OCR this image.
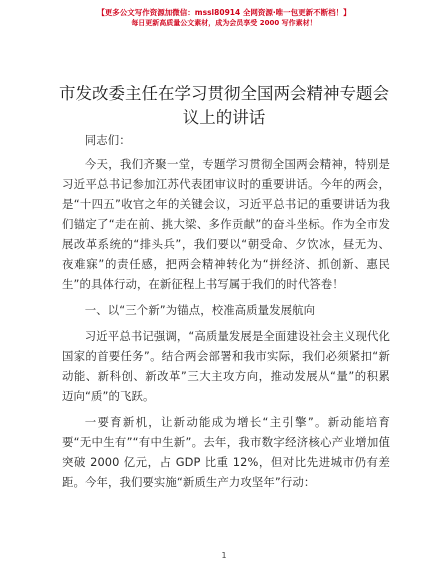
【更多公文写作资源加微信：mssl80914 全网资源·唯一包更新不断档！】
每日更新高质量公文素材，成为会员享受 2000 写作素材！
市发改委主任在学习贯彻全国两会精神专题会
议上的讲话

同志们：

今天，我们齐聚一堂，专题学习贯彻全国两会精神，特别是习近平总书记参加江苏代表团审议时的重要讲话。今年的两会，是“十四五”收官之年的关键会议，习近平总书记的重要讲话为我们锚定了“走在前、挑大梁、多作贡献”的奋斗坐标。作为全市发展改革系统的“排头兵”，我们要以“朝受命、夕饮冰，昼无为、夜难寐”的责任感，把两会精神转化为“拼经济、抓创新、惠民生”的具体行动，在新征程上书写属于我们的时代答卷！

一、以“三个新”为锚点，校准高质量发展航向

习近平总书记强调，“高质量发展是全面建设社会主义现代化国家的首要任务”。结合两会部署和我市实际，我们必须紧扣“新动能、新科创、新改革”三大主攻方向，推动发展从“量”的积累迈向“质”的飞跃。

一要育新机，让新动能成为增长“主引擎”。新动能培育要“无中生有”“有中生新”。去年，我市数字经济核心产业增加值突破 2000 亿元，占 GDP 比重 12%，但对比先进城市仍有差距。今年，我们要实施“新质生产力攻坚年”行动：

1
